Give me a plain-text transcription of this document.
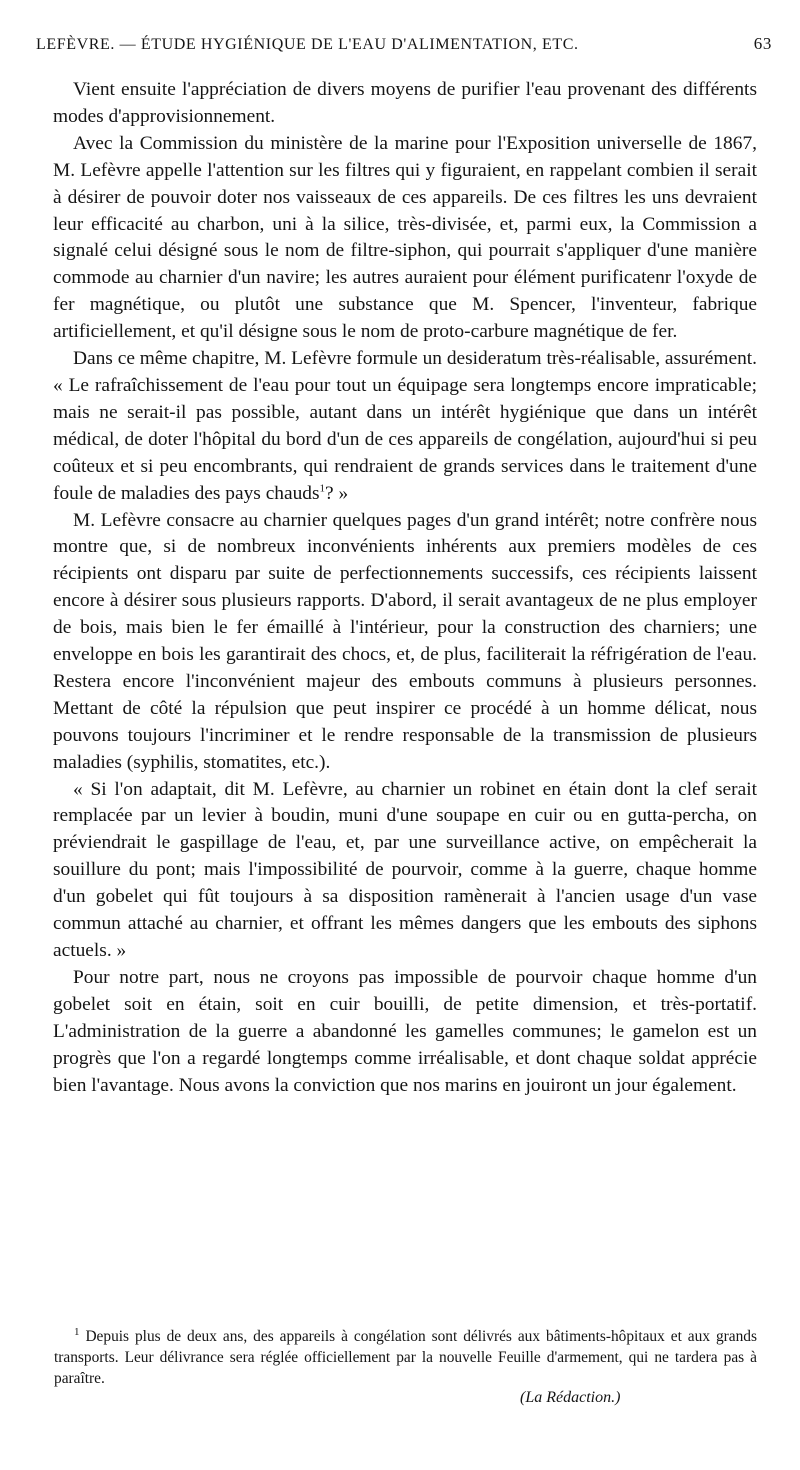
LEFÈVRE. — ÉTUDE HYGIÉNIQUE DE L'EAU D'ALIMENTATION, ETC.	63

Vient ensuite l'appréciation de divers moyens de purifier l'eau provenant des différents modes d'approvisionnement.

Avec la Commission du ministère de la marine pour l'Exposition universelle de 1867, M. Lefèvre appelle l'attention sur les filtres qui y figuraient, en rappelant combien il serait à désirer de pouvoir doter nos vaisseaux de ces appareils. De ces filtres les uns devraient leur efficacité au charbon, uni à la silice, très-divisée, et, parmi eux, la Commission a signalé celui désigné sous le nom de filtre-siphon, qui pourrait s'appliquer d'une manière commode au charnier d'un navire; les autres auraient pour élément purificatenr l'oxyde de fer magnétique, ou plutôt une substance que M. Spencer, l'inventeur, fabrique artificiellement, et qu'il désigne sous le nom de proto-carbure magnétique de fer.

Dans ce même chapitre, M. Lefèvre formule un desideratum très-réalisable, assurément. « Le rafraîchissement de l'eau pour tout un équipage sera longtemps encore impraticable; mais ne serait-il pas possible, autant dans un intérêt hygiénique que dans un intérêt médical, de doter l'hôpital du bord d'un de ces appareils de congélation, aujourd'hui si peu coûteux et si peu encombrants, qui rendraient de grands services dans le traitement d'une foule de maladies des pays chauds$^1$? »

M. Lefèvre consacre au charnier quelques pages d'un grand intérêt; notre confrère nous montre que, si de nombreux inconvénients inhérents aux premiers modèles de ces récipients ont disparu par suite de perfectionnements successifs, ces récipients laissent encore à désirer sous plusieurs rapports. D'abord, il serait avantageux de ne plus employer de bois, mais bien le fer émaillé à l'intérieur, pour la construction des charniers; une enveloppe en bois les garantirait des chocs, et, de plus, faciliterait la réfrigération de l'eau. Restera encore l'inconvénient majeur des embouts communs à plusieurs personnes. Mettant de côté la répulsion que peut inspirer ce procédé à un homme délicat, nous pouvons toujours l'incriminer et le rendre responsable de la transmission de plusieurs maladies (syphilis, stomatites, etc.).

« Si l'on adaptait, dit M. Lefèvre, au charnier un robinet en étain dont la clef serait remplacée par un levier à boudin, muni d'une soupape en cuir ou en gutta-percha, on préviendrait le gaspillage de l'eau, et, par une surveillance active, on empêcherait la souillure du pont; mais l'impossibilité de pourvoir, comme à la guerre, chaque homme d'un gobelet qui fût toujours à sa disposition ramènerait à l'ancien usage d'un vase commun attaché au charnier, et offrant les mêmes dangers que les embouts des siphons actuels. »

Pour notre part, nous ne croyons pas impossible de pourvoir chaque homme d'un gobelet soit en étain, soit en cuir bouilli, de petite dimension, et très-portatif. L'administration de la guerre a abandonné les gamelles communes; le gamelon est un progrès que l'on a regardé longtemps comme irréalisable, et dont chaque soldat apprécie bien l'avantage. Nous avons la conviction que nos marins en jouiront un jour également.

$^1$ Depuis plus de deux ans, des appareils à congélation sont délivrés aux bâtiments-hôpitaux et aux grands transports. Leur délivrance sera réglée officiellement par la nouvelle Feuille d'armement, qui ne tardera pas à paraître.

(La Rédaction.)
